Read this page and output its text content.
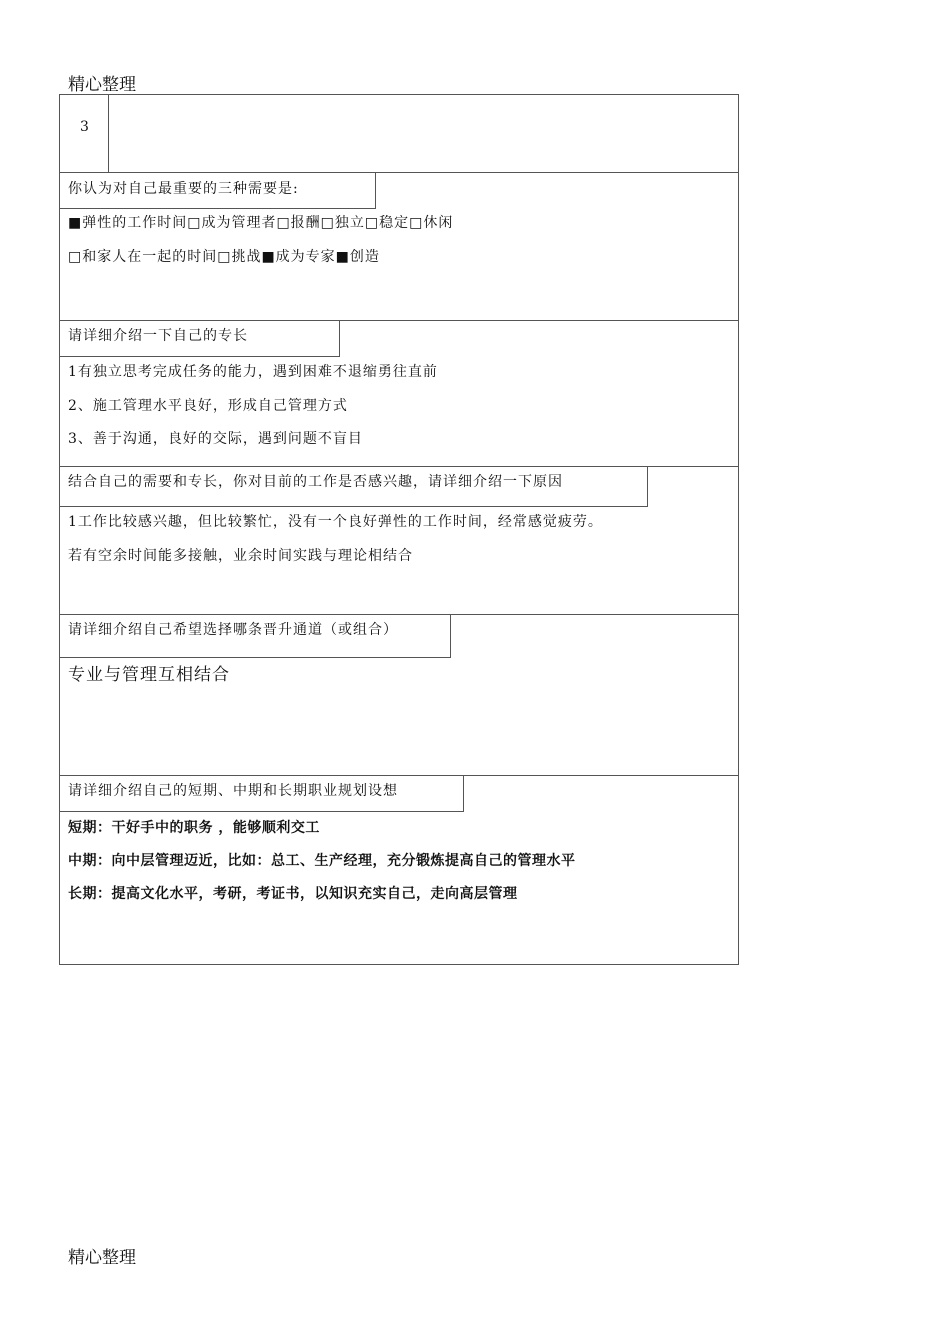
精心整理
3
你认为对自己最重要的三种需要是:
■弹性的工作时间□成为管理者□报酬□独立□稳定□休闲
□和家人在一起的时间□挑战■成为专家■创造
请详细介绍一下自己的专长
1有独立思考完成任务的能力，遇到困难不退缩勇往直前
2、施工管理水平良好，形成自己管理方式
3、善于沟通，良好的交际，遇到问题不盲目
结合自己的需要和专长，你对目前的工作是否感兴趣，请详细介绍一下原因
1工作比较感兴趣，但比较繁忙，没有一个良好弹性的工作时间，经常感觉疲劳。
若有空余时间能多接触，业余时间实践与理论相结合
请详细介绍自己希望选择哪条晋升通道（或组合）
专业与管理互相结合
请详细介绍自己的短期、中期和长期职业规划设想
短期：干好手中的职务 ，能够顺利交工
中期：向中层管理迈近，比如：总工、生产经理，充分锻炼提高自己的管理水平
长期：提高文化水平，考研，考证书，以知识充实自己，走向高层管理
精心整理
